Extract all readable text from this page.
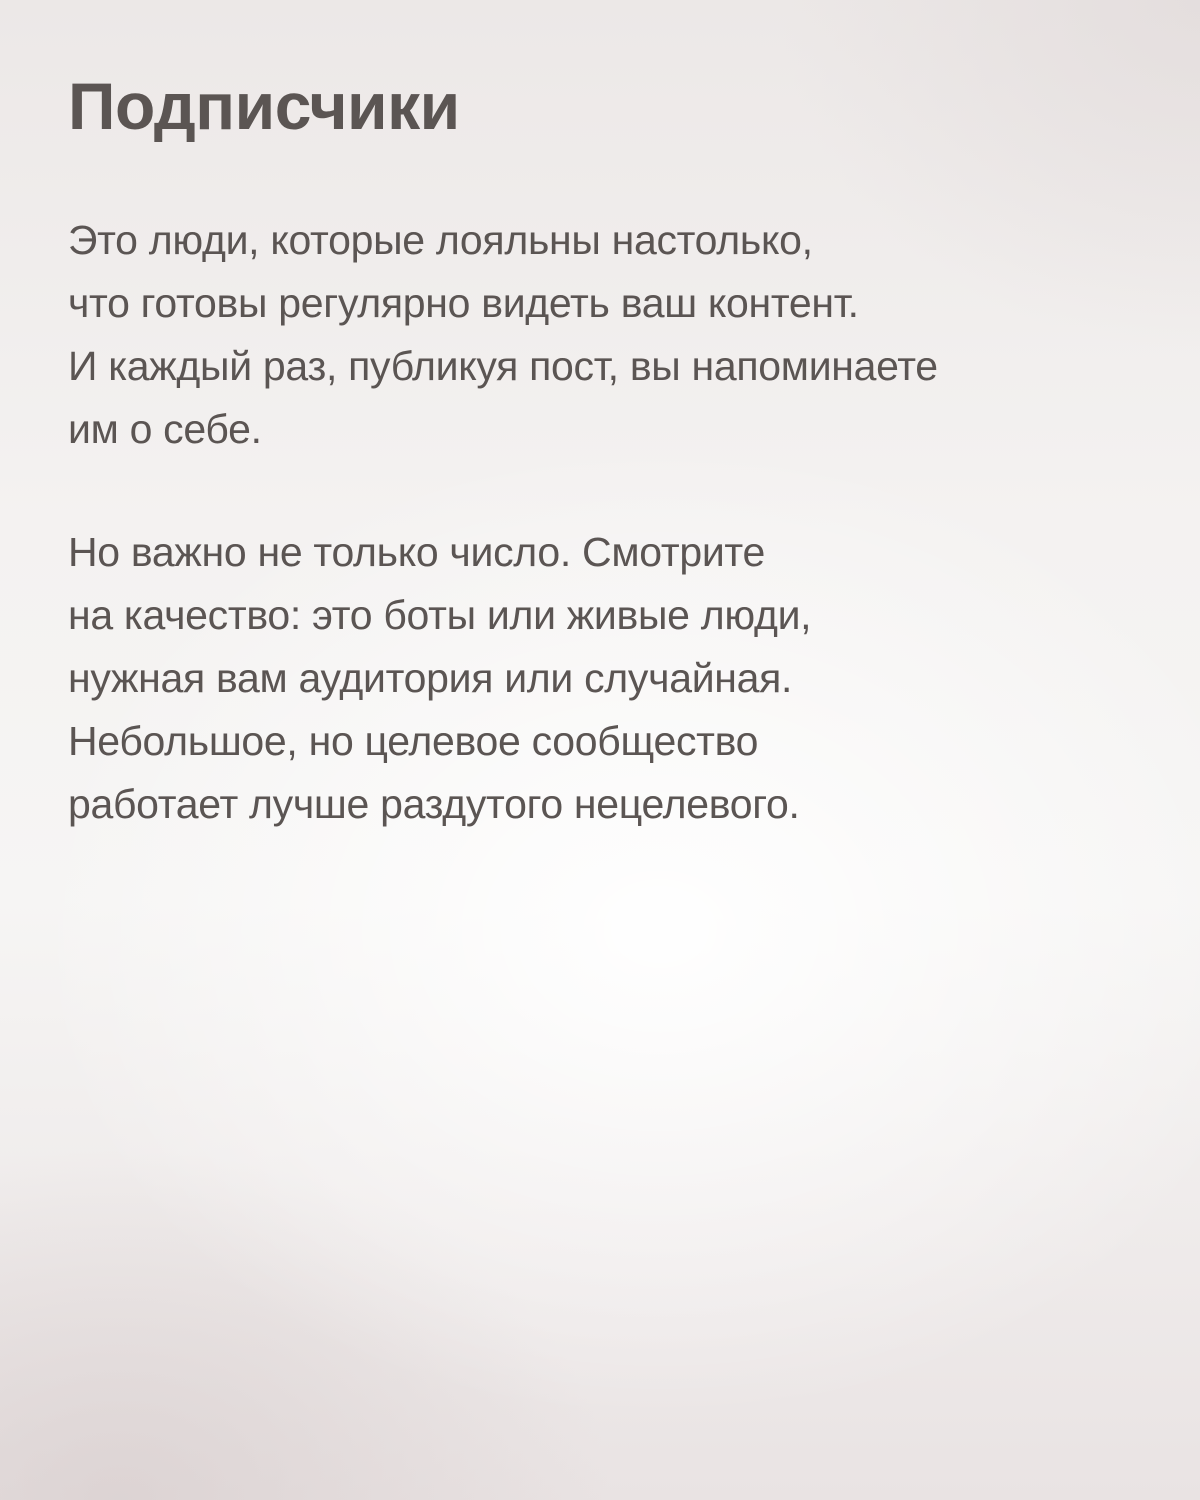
Подписчики

Это люди, которые лояльны настолько,
что готовы регулярно видеть ваш контент.
И каждый раз, публикуя пост, вы напоминаете
им о себе.

Но важно не только число. Смотрите
на качество: это боты или живые люди,
нужная вам аудитория или случайная.
Небольшое, но целевое сообщество
работает лучше раздутого нецелевого.
